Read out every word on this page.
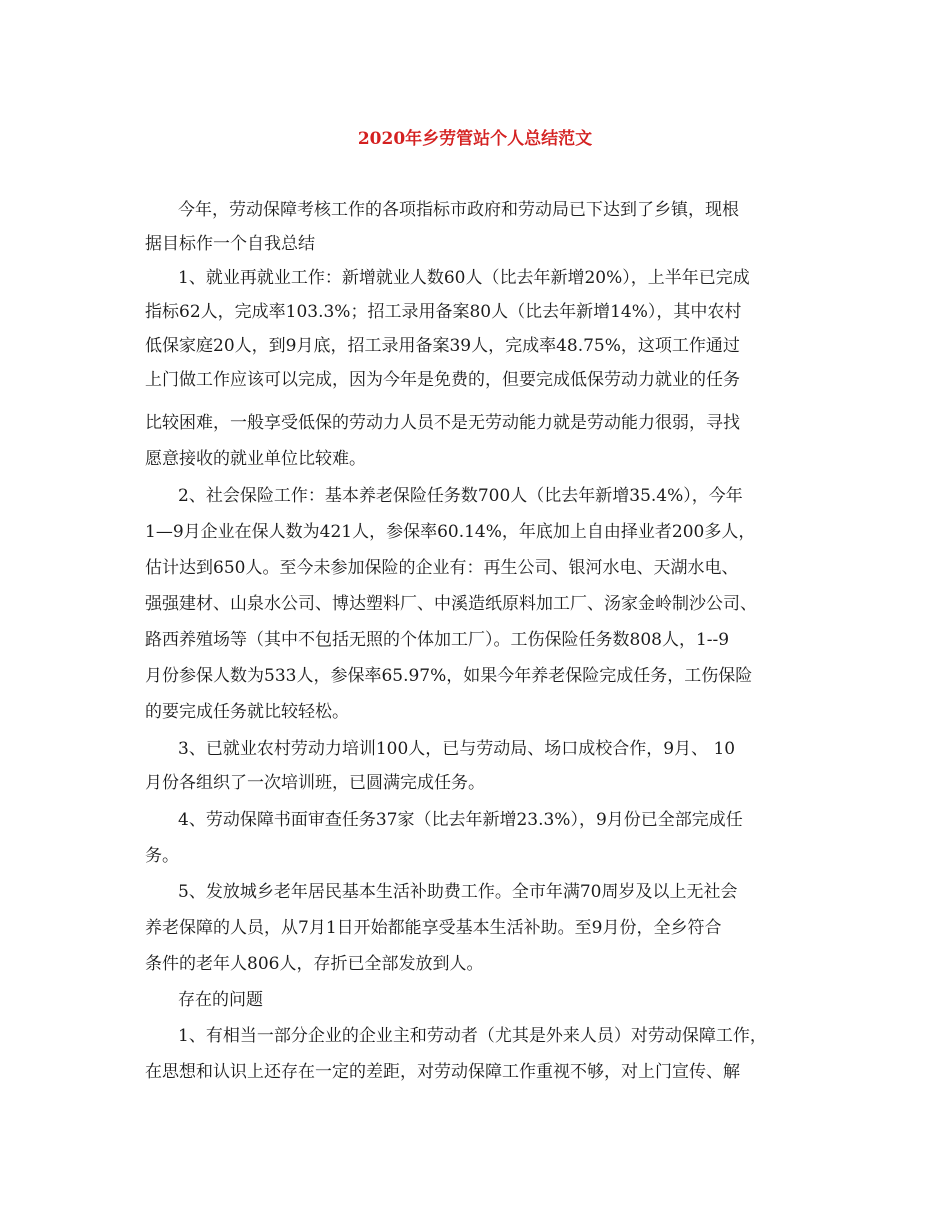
2020年乡劳管站个人总结范文
今年，劳动保障考核工作的各项指标市政府和劳动局已下达到了乡镇，现根
据目标作一个自我总结
1、就业再就业工作：新增就业人数60人（比去年新增20%），上半年已完成
指标62人，完成率103.3%；招工录用备案80人（比去年新增14%），其中农村
低保家庭20人，到9月底，招工录用备案39人，完成率48.75%，这项工作通过
上门做工作应该可以完成，因为今年是免费的，但要完成低保劳动力就业的任务
比较困难，一般享受低保的劳动力人员不是无劳动能力就是劳动能力很弱，寻找
愿意接收的就业单位比较难。
2、社会保险工作：基本养老保险任务数700人（比去年新增35.4%），今年
1—9月企业在保人数为421人，参保率60.14%，年底加上自由择业者200多人，
估计达到650人。至今未参加保险的企业有：再生公司、银河水电、天湖水电、
强强建材、山泉水公司、博达塑料厂、中溪造纸原料加工厂、汤家金岭制沙公司、
路西养殖场等（其中不包括无照的个体加工厂）。工伤保险任务数808人，1--9
月份参保人数为533人，参保率65.97%，如果今年养老保险完成任务，工伤保险
的要完成任务就比较轻松。
3、已就业农村劳动力培训100人，已与劳动局、场口成校合作，9月、 10
月份各组织了一次培训班，已圆满完成任务。
4、劳动保障书面审查任务37家（比去年新增23.3%），9月份已全部完成任
务。
5、发放城乡老年居民基本生活补助费工作。全市年满70周岁及以上无社会
养老保障的人员，从7月1日开始都能享受基本生活补助。至9月份，全乡符合
条件的老年人806人，存折已全部发放到人。
存在的问题
1、有相当一部分企业的企业主和劳动者（尤其是外来人员）对劳动保障工作，
在思想和认识上还存在一定的差距，对劳动保障工作重视不够，对上门宣传、解
